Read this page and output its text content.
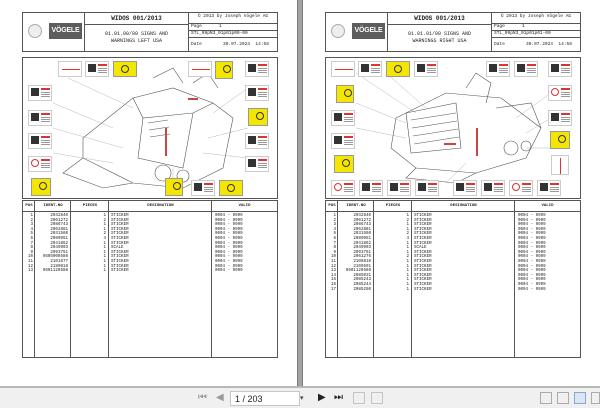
VÖGELE
WIDOS 001/2013
01.01.00/00 SIGNS AND
WARNINGS LEFT USA
© 2013 by Joseph Vögele AG
Page	1
STL_09pN3_01p01p00-00
Date	30.07.2024 14:58
POS	IDENT-NO	PIECES	DESIGNATION	VALID
1	2042840	1	STICKER	0004 - 9999
2	2061272	2	STICKER	0004 - 9999
3	2086743	1	STICKER	0004 - 9999
4	2062881	1	STICKER	0004 - 9999
5	2031560	2	STICKER	0004 - 9999
6	2080951	4	STICKER	0004 - 9999
7	2041862	1	STICKER	0004 - 9999
8	2049903	1	SCALE	0004 - 9999
9	2093751	1	STICKER	0004 - 9999
10	9605000588	1	STICKER	0004 - 9999
11	2101677	1	STICKER	0004 - 9999
12	2180818	1	STICKER	0004 - 9999
13	9601120588	1	STICKER	0004 - 9999
VÖGELE
WIDOS 001/2013
01.01.01/00 SIGNS AND
WARNINGS RIGHT USA
© 2013 by Joseph Vögele AG
Page	1
STL_09pN3_01p01p01-00
Date	30.07.2024 14:58
POS	IDENT-NO	PIECES	DESIGNATION	VALID
1	2042840	1	STICKER	0004 - 9999
2	2061272	2	STICKER	0004 - 9999
3	2086743	1	STICKER	0004 - 9999
4	2062881	1	STICKER	0004 - 9999
5	2031560	2	STICKER	0004 - 9999
6	2080951	4	STICKER	0004 - 9999
7	2041862	1	STICKER	0004 - 9999
8	2049903	1	SCALE	0004 - 9999
9	2093751	1	STICKER	0004 - 9999
10	2061276	2	STICKER	0004 - 9999
11	2108810	1	STICKER	0004 - 9999
12	2109591	1	STICKER	0004 - 9999
13	9601120588	1	STICKER	0004 - 9999
14	2085031	1	STICKER	0004 - 9999
15	2085243	1	STICKER	0004 - 9999
16	2085244	1	STICKER	0004 - 9999
17	2085250	1	STICKER	0004 - 9999
⏮ ◀
1 / 203	▾	▶ ⏭
